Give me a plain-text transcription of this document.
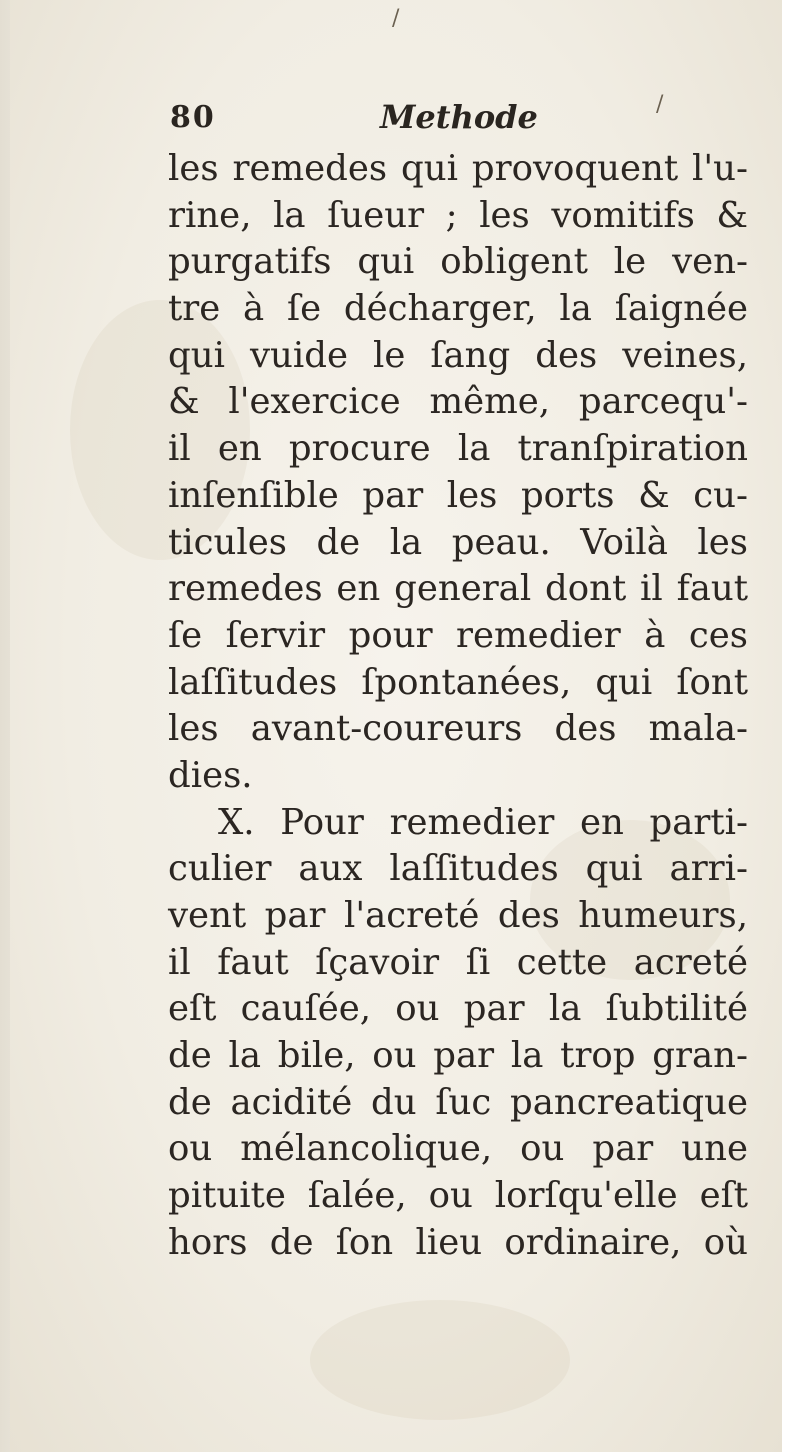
/
/
80	Methode
les remedes qui provoquent l'u-
rine, la ſueur ; les vomitifs &
purgatifs qui obligent le ven-
tre à ſe décharger, la ſaignée
qui vuide le ſang des veines,
& l'exercice même, parcequ'-
il en procure la tranſpiration
inſenſible par les ports & cu-
ticules de la peau. Voilà les
remedes en general dont il faut
ſe ſervir pour remedier à ces
laſſitudes ſpontanées, qui ſont
les avant-coureurs des mala-
dies.
X. Pour remedier en parti-
culier aux laſſitudes qui arri-
vent par l'acreté des humeurs,
il faut ſçavoir ſi cette acreté
eſt cauſée, ou par la ſubtilité
de la bile, ou par la trop gran-
de acidité du ſuc pancreatique
ou mélancolique, ou par une
pituite ſalée, ou lorſqu'elle eſt
hors de ſon lieu ordinaire, où
